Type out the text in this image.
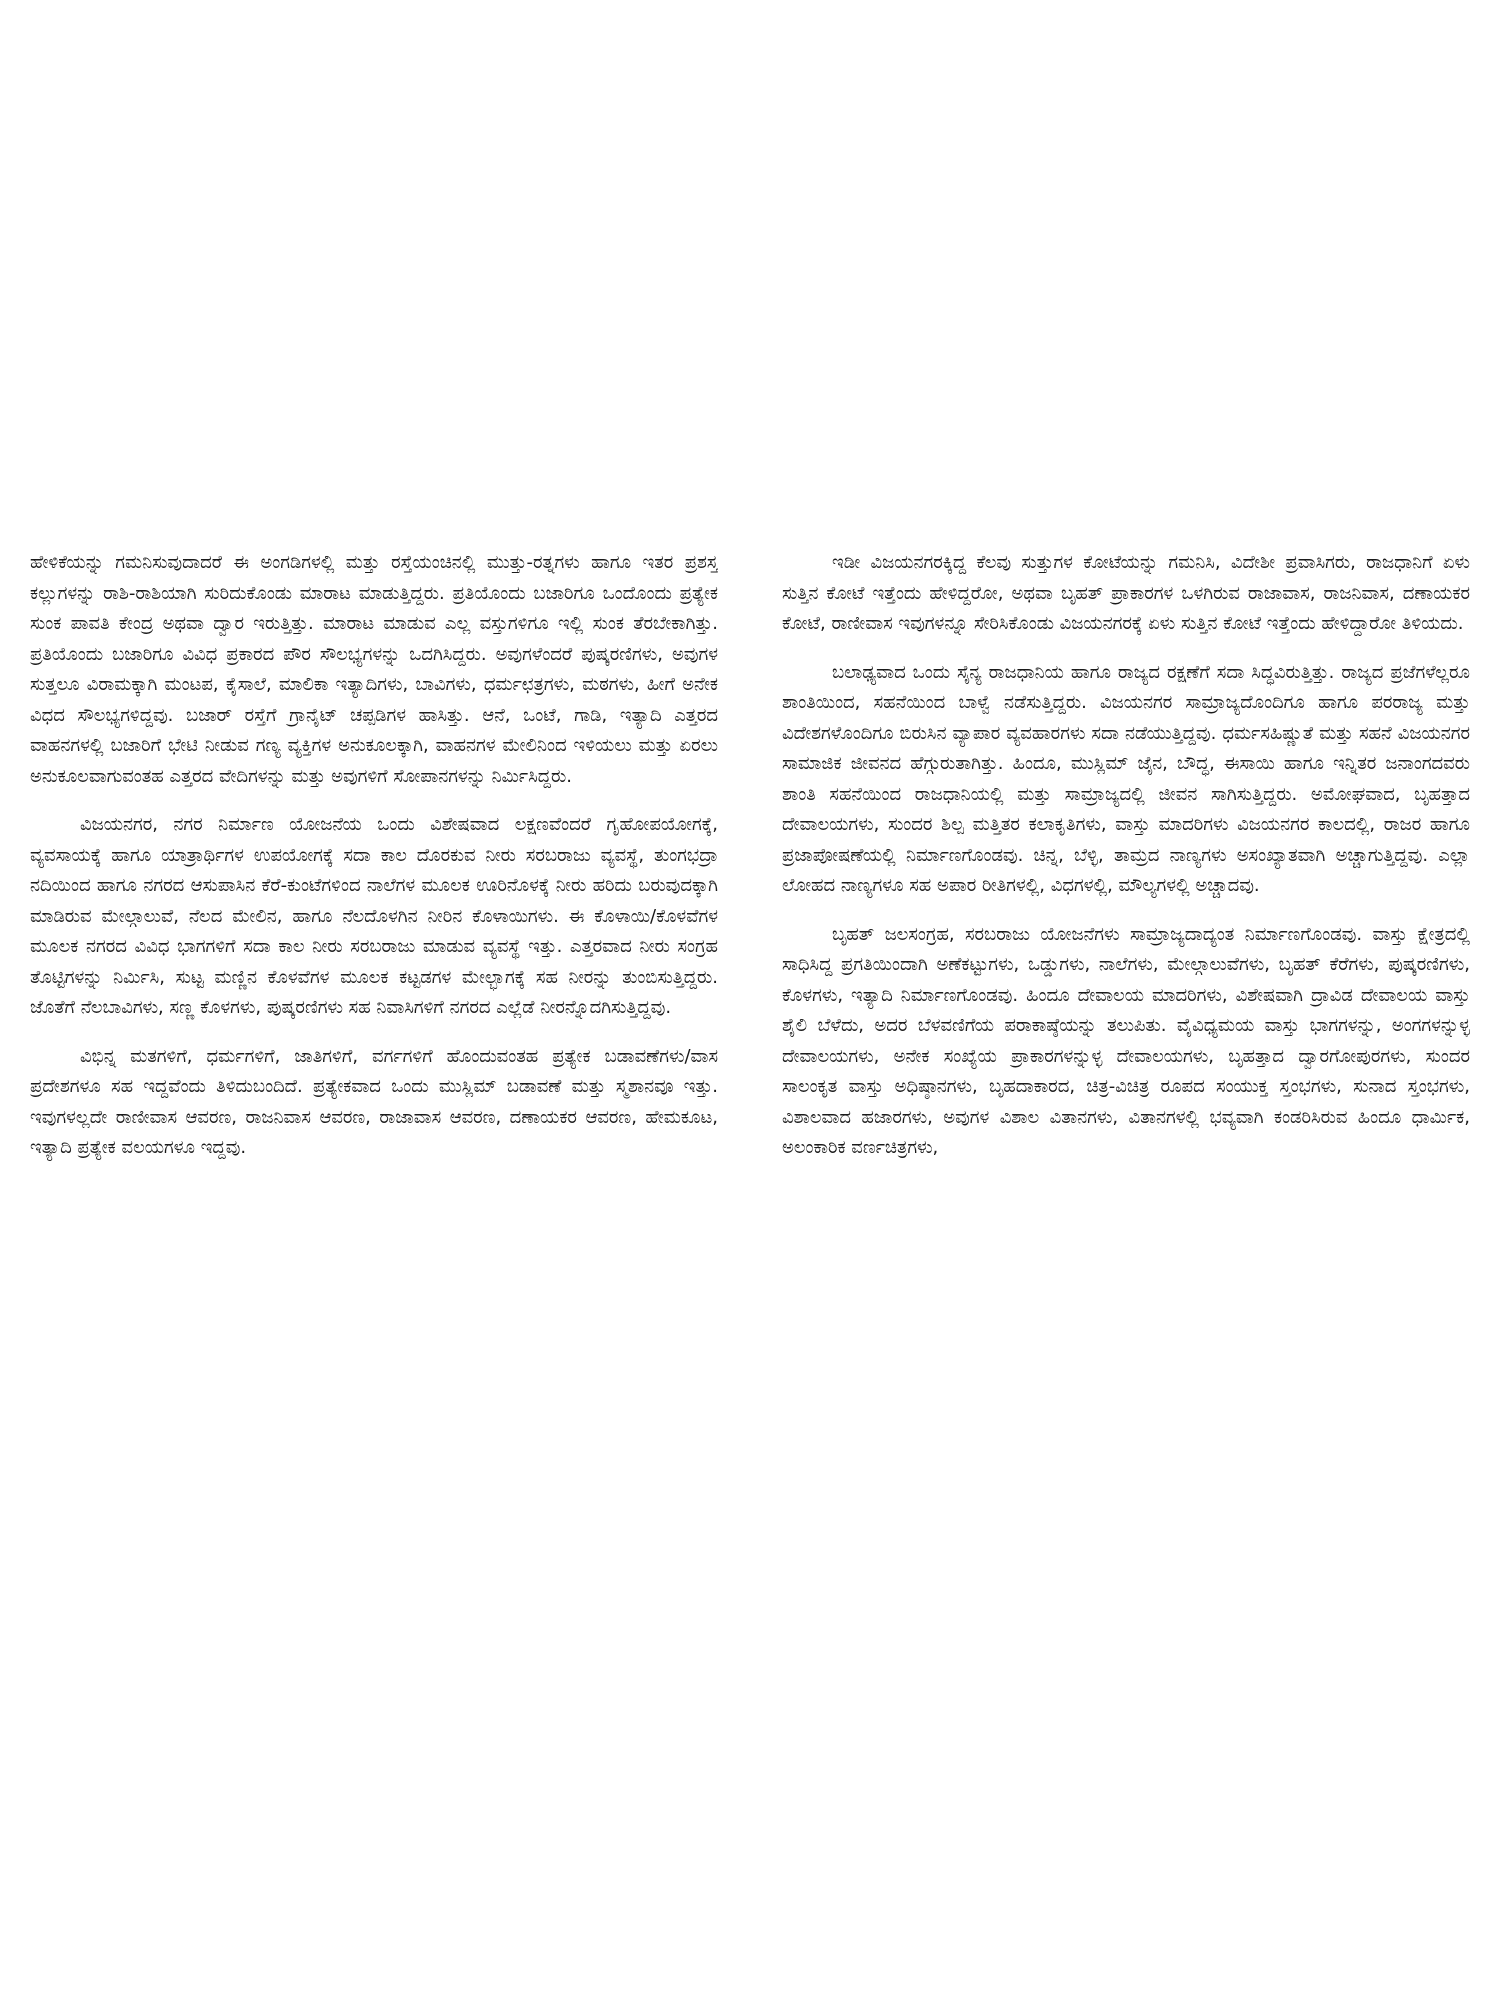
ಹೇಳಿಕೆಯನ್ನು ಗಮನಿಸುವುದಾದರೆ ಈ ಅಂಗಡಿಗಳಲ್ಲಿ ಮತ್ತು ರಸ್ತೆಯಂಚಿನಲ್ಲಿ ಮುತ್ತು-ರತ್ನಗಳು ಹಾಗೂ ಇತರ ಪ್ರಶಸ್ತ ಕಲ್ಲುಗಳನ್ನು ರಾಶಿ-ರಾಶಿಯಾಗಿ ಸುರಿದುಕೊಂಡು ಮಾರಾಟ ಮಾಡುತ್ತಿದ್ದರು. ಪ್ರತಿಯೊಂದು ಬಜಾರಿಗೂ ಒಂದೊಂದು ಪ್ರತ್ಯೇಕ ಸುಂಕ ಪಾವತಿ ಕೇಂದ್ರ ಅಥವಾ ದ್ವಾರ ಇರುತ್ತಿತ್ತು. ಮಾರಾಟ ಮಾಡುವ ಎಲ್ಲ ವಸ್ತುಗಳಿಗೂ ಇಲ್ಲಿ ಸುಂಕ ತೆರಬೇಕಾಗಿತ್ತು. ಪ್ರತಿಯೊಂದು ಬಜಾರಿಗೂ ವಿವಿಧ ಪ್ರಕಾರದ ಪೌರ ಸೌಲಭ್ಯಗಳನ್ನು ಒದಗಿಸಿದ್ದರು. ಅವುಗಳೆಂದರೆ ಪುಷ್ಕರಣಿಗಳು, ಅವುಗಳ ಸುತ್ತಲೂ ವಿರಾಮಕ್ಕಾಗಿ ಮಂಟಪ, ಕೈಸಾಲೆ, ಮಾಲಿಕಾ ಇತ್ಯಾದಿಗಳು, ಬಾವಿಗಳು, ಧರ್ಮಛತ್ರಗಳು, ಮಠಗಳು, ಹೀಗೆ ಅನೇಕ ವಿಧದ ಸೌಲಭ್ಯಗಳಿದ್ದವು. ಬಜಾರ್ ರಸ್ತೆಗೆ ಗ್ರಾನೈಟ್ ಚಪ್ಪಡಿಗಳ ಹಾಸಿತ್ತು. ಆನೆ, ಒಂಟೆ, ಗಾಡಿ, ಇತ್ಯಾದಿ ಎತ್ತರದ ವಾಹನಗಳಲ್ಲಿ ಬಜಾರಿಗೆ ಭೇಟಿ ನೀಡುವ ಗಣ್ಯ ವ್ಯಕ್ತಿಗಳ ಅನುಕೂಲಕ್ಕಾಗಿ, ವಾಹನಗಳ ಮೇಲಿನಿಂದ ಇಳಿಯಲು ಮತ್ತು ಏರಲು ಅನುಕೂಲವಾಗುವಂತಹ ಎತ್ತರದ ವೇದಿಗಳನ್ನು ಮತ್ತು ಅವುಗಳಿಗೆ ಸೋಪಾನಗಳನ್ನು ನಿರ್ಮಿಸಿದ್ದರು.

ವಿಜಯನಗರ, ನಗರ ನಿರ್ಮಾಣ ಯೋಜನೆಯ ಒಂದು ವಿಶೇಷವಾದ ಲಕ್ಷಣವೆಂದರೆ ಗೃಹೋಪಯೋಗಕ್ಕೆ, ವ್ಯವಸಾಯಕ್ಕೆ ಹಾಗೂ ಯಾತ್ರಾರ್ಥಿಗಳ ಉಪಯೋಗಕ್ಕೆ ಸದಾ ಕಾಲ ದೊರಕುವ ನೀರು ಸರಬರಾಜು ವ್ಯವಸ್ಥೆ, ತುಂಗಭದ್ರಾ ನದಿಯಿಂದ ಹಾಗೂ ನಗರದ ಆಸುಪಾಸಿನ ಕೆರೆ-ಕುಂಟೆಗಳಿಂದ ನಾಲೆಗಳ ಮೂಲಕ ಊರಿನೊಳಕ್ಕೆ ನೀರು ಹರಿದು ಬರುವುದಕ್ಕಾಗಿ ಮಾಡಿರುವ ಮೇಲ್ಗಾಲುವೆ, ನೆಲದ ಮೇಲಿನ, ಹಾಗೂ ನೆಲದೊಳಗಿನ ನೀರಿನ ಕೊಳಾಯಿಗಳು. ಈ ಕೊಳಾಯಿ/ಕೊಳವೆಗಳ ಮೂಲಕ ನಗರದ ವಿವಿಧ ಭಾಗಗಳಿಗೆ ಸದಾ ಕಾಲ ನೀರು ಸರಬರಾಜು ಮಾಡುವ ವ್ಯವಸ್ಥೆ ಇತ್ತು. ಎತ್ತರವಾದ ನೀರು ಸಂಗ್ರಹ ತೊಟ್ಟಿಗಳನ್ನು ನಿರ್ಮಿಸಿ, ಸುಟ್ಟ ಮಣ್ಣಿನ ಕೊಳವೆಗಳ ಮೂಲಕ ಕಟ್ಟಡಗಳ ಮೇಲ್ಭಾಗಕ್ಕೆ ಸಹ ನೀರನ್ನು ತುಂಬಿಸುತ್ತಿದ್ದರು. ಜೊತೆಗೆ ನೆಲಬಾವಿಗಳು, ಸಣ್ಣ ಕೊಳಗಳು, ಪುಷ್ಕರಣಿಗಳು ಸಹ ನಿವಾಸಿಗಳಿಗೆ ನಗರದ ಎಲ್ಲೆಡೆ ನೀರನ್ನೊದಗಿಸುತ್ತಿದ್ದವು.

ವಿಭಿನ್ನ ಮತಗಳಿಗೆ, ಧರ್ಮಗಳಿಗೆ, ಜಾತಿಗಳಿಗೆ, ವರ್ಗಗಳಿಗೆ ಹೊಂದುವಂತಹ ಪ್ರತ್ಯೇಕ ಬಡಾವಣೆಗಳು/ವಾಸ ಪ್ರದೇಶಗಳೂ ಸಹ ಇದ್ದವೆಂದು ತಿಳಿದುಬಂದಿದೆ. ಪ್ರತ್ಯೇಕವಾದ ಒಂದು ಮುಸ್ಲಿಮ್ ಬಡಾವಣೆ ಮತ್ತು ಸ್ಮಶಾನವೂ ಇತ್ತು. ಇವುಗಳಲ್ಲದೇ ರಾಣೀವಾಸ ಆವರಣ, ರಾಜನಿವಾಸ ಆವರಣ, ರಾಜಾವಾಸ ಆವರಣ, ದಣಾಯಕರ ಆವರಣ, ಹೇಮಕೂಟ, ಇತ್ಯಾದಿ ಪ್ರತ್ಯೇಕ ವಲಯಗಳೂ ಇದ್ದವು.

ಇಡೀ ವಿಜಯನಗರಕ್ಕಿದ್ದ ಕೆಲವು ಸುತ್ತುಗಳ ಕೋಟೆಯನ್ನು ಗಮನಿಸಿ, ವಿದೇಶೀ ಪ್ರವಾಸಿಗರು, ರಾಜಧಾನಿಗೆ ಏಳು ಸುತ್ತಿನ ಕೋಟೆ ಇತ್ತೆಂದು ಹೇಳಿದ್ದರೋ, ಅಥವಾ ಬೃಹತ್ ಪ್ರಾಕಾರಗಳ ಒಳಗಿರುವ ರಾಜಾವಾಸ, ರಾಜನಿವಾಸ, ದಣಾಯಕರ ಕೋಟೆ, ರಾಣೀವಾಸ ಇವುಗಳನ್ನೂ ಸೇರಿಸಿಕೊಂಡು ವಿಜಯನಗರಕ್ಕೆ ಏಳು ಸುತ್ತಿನ ಕೋಟೆ ಇತ್ತೆಂದು ಹೇಳಿದ್ದಾರೋ ತಿಳಿಯದು.

ಬಲಾಢ್ಯವಾದ ಒಂದು ಸೈನ್ಯ ರಾಜಧಾನಿಯ ಹಾಗೂ ರಾಜ್ಯದ ರಕ್ಷಣೆಗೆ ಸದಾ ಸಿದ್ಧವಿರುತ್ತಿತ್ತು. ರಾಜ್ಯದ ಪ್ರಜೆಗಳೆಲ್ಲರೂ ಶಾಂತಿಯಿಂದ, ಸಹನೆಯಿಂದ ಬಾಳ್ವೆ ನಡೆಸುತ್ತಿದ್ದರು. ವಿಜಯನಗರ ಸಾಮ್ರಾಜ್ಯದೊಂದಿಗೂ ಹಾಗೂ ಪರರಾಜ್ಯ ಮತ್ತು ವಿದೇಶಗಳೊಂದಿಗೂ ಬಿರುಸಿನ ವ್ಯಾಪಾರ ವ್ಯವಹಾರಗಳು ಸದಾ ನಡೆಯುತ್ತಿದ್ದವು. ಧರ್ಮಸಹಿಷ್ಣುತೆ ಮತ್ತು ಸಹನೆ ವಿಜಯನಗರ ಸಾಮಾಜಿಕ ಜೀವನದ ಹೆಗ್ಗುರುತಾಗಿತ್ತು. ಹಿಂದೂ, ಮುಸ್ಲಿಮ್ ಜೈನ, ಬೌದ್ಧ, ಈಸಾಯಿ ಹಾಗೂ ಇನ್ನಿತರ ಜನಾಂಗದವರು ಶಾಂತಿ ಸಹನೆಯಿಂದ ರಾಜಧಾನಿಯಲ್ಲಿ ಮತ್ತು ಸಾಮ್ರಾಜ್ಯದಲ್ಲಿ ಜೀವನ ಸಾಗಿಸುತ್ತಿದ್ದರು. ಅಮೋಘವಾದ, ಬೃಹತ್ತಾದ ದೇವಾಲಯಗಳು, ಸುಂದರ ಶಿಲ್ಪ ಮತ್ತಿತರ ಕಲಾಕೃತಿಗಳು, ವಾಸ್ತು ಮಾದರಿಗಳು ವಿಜಯನಗರ ಕಾಲದಲ್ಲಿ, ರಾಜರ ಹಾಗೂ ಪ್ರಜಾಪೋಷಣೆಯಲ್ಲಿ ನಿರ್ಮಾಣಗೊಂಡವು. ಚಿನ್ನ, ಬೆಳ್ಳಿ, ತಾಮ್ರದ ನಾಣ್ಯಗಳು ಅಸಂಖ್ಯಾತವಾಗಿ ಅಚ್ಚಾಗುತ್ತಿದ್ದವು. ಎಲ್ಲಾ ಲೋಹದ ನಾಣ್ಯಗಳೂ ಸಹ ಅಪಾರ ರೀತಿಗಳಲ್ಲಿ, ವಿಧಗಳಲ್ಲಿ, ಮೌಲ್ಯಗಳಲ್ಲಿ ಅಚ್ಚಾದವು.

ಬೃಹತ್ ಜಲಸಂಗ್ರಹ, ಸರಬರಾಜು ಯೋಜನೆಗಳು ಸಾಮ್ರಾಜ್ಯದಾದ್ಯಂತ ನಿರ್ಮಾಣಗೊಂಡವು. ವಾಸ್ತು ಕ್ಷೇತ್ರದಲ್ಲಿ ಸಾಧಿಸಿದ್ದ ಪ್ರಗತಿಯಿಂದಾಗಿ ಅಣೆಕಟ್ಟುಗಳು, ಒಡ್ಡುಗಳು, ನಾಲೆಗಳು, ಮೇಲ್ಗಾಲುವೆಗಳು, ಬೃಹತ್ ಕೆರೆಗಳು, ಪುಷ್ಕರಣಿಗಳು, ಕೊಳಗಳು, ಇತ್ಯಾದಿ ನಿರ್ಮಾಣಗೊಂಡವು. ಹಿಂದೂ ದೇವಾಲಯ ಮಾದರಿಗಳು, ವಿಶೇಷವಾಗಿ ದ್ರಾವಿಡ ದೇವಾಲಯ ವಾಸ್ತು ಶೈಲಿ ಬೆಳೆದು, ಅದರ ಬೆಳವಣಿಗೆಯ ಪರಾಕಾಷ್ಠೆಯನ್ನು ತಲುಪಿತು. ವೈವಿಧ್ಯಮಯ ವಾಸ್ತು ಭಾಗಗಳನ್ನು, ಅಂಗಗಳನ್ನುಳ್ಳ ದೇವಾಲಯಗಳು, ಅನೇಕ ಸಂಖ್ಯೆಯ ಪ್ರಾಕಾರಗಳನ್ನುಳ್ಳ ದೇವಾಲಯಗಳು, ಬೃಹತ್ತಾದ ದ್ವಾರಗೋಪುರಗಳು, ಸುಂದರ ಸಾಲಂಕೃತ ವಾಸ್ತು ಅಧಿಷ್ಠಾನಗಳು, ಬೃಹದಾಕಾರದ, ಚಿತ್ರ-ವಿಚಿತ್ರ ರೂಪದ ಸಂಯುಕ್ತ ಸ್ತಂಭಗಳು, ಸುನಾದ ಸ್ತಂಭಗಳು, ವಿಶಾಲವಾದ ಹಜಾರಗಳು, ಅವುಗಳ ವಿಶಾಲ ವಿತಾನಗಳು, ವಿತಾನಗಳಲ್ಲಿ ಭವ್ಯವಾಗಿ ಕಂಡರಿಸಿರುವ ಹಿಂದೂ ಧಾರ್ಮಿಕ, ಅಲಂಕಾರಿಕ ವರ್ಣಚಿತ್ರಗಳು,
